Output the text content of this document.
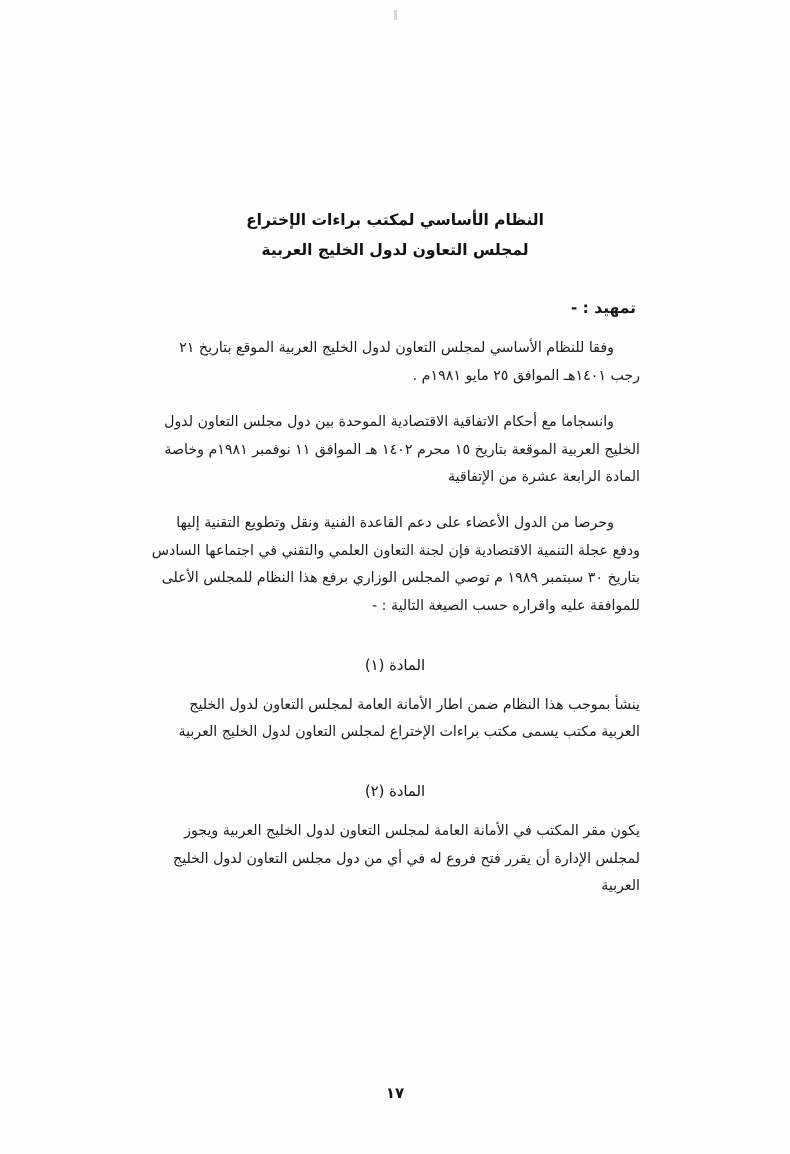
النظام الأساسي لمكتب براءات الإختراع
لمجلس التعاون لدول الخليج العربية
تمهيد : -

وفقا للنظام الأساسي لمجلس التعاون لدول الخليج العربية الموقع بتاريخ ٢١ رجب ١٤٠١هـ الموافق ٢٥ مايو ١٩٨١م .

وانسجاما مع أحكام الاتفاقية الاقتصادية الموحدة بين دول مجلس التعاون لدول الخليج العربية الموقعة بتاريخ ١٥ محرم ١٤٠٢ هـ الموافق ١١ نوفمبر ١٩٨١م وخاصة المادة الرابعة عشرة من الإتفاقية

وحرصا من الدول الأعضاء على دعم القاعدة الفنية ونقل وتطويع التقنية إليها ودفع عجلة التنمية الاقتصادية فإن لجنة التعاون العلمي والتقني في اجتماعها السادس بتاريخ ٣٠ سبتمبر ١٩٨٩ م توصي المجلس الوزاري برفع هذا النظام للمجلس الأعلى للموافقة عليه واقراره حسب الصيغة التالية : -

المادة (١)

ينشأ بموجب هذا النظام ضمن اطار الأمانة العامة لمجلس التعاون لدول الخليج العربية مكتب يسمى مكتب براءات الإختراع لمجلس التعاون لدول الخليج العربية

المادة (٢)

يكون مقر المكتب في الأمانة العامة لمجلس التعاون لدول الخليج العربية ويجوز لمجلس الإدارة أن يقرر فتح فروع له في أي من دول مجلس التعاون لدول الخليج العربية

١٧
